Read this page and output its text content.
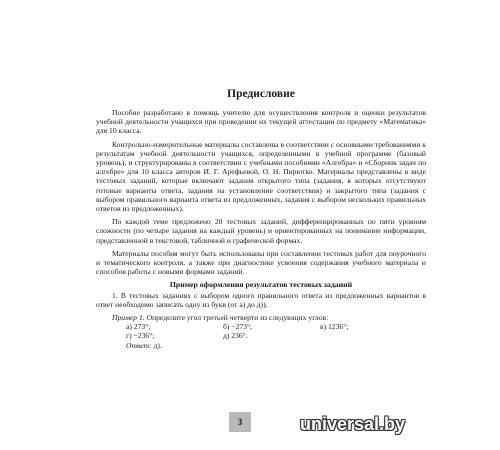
Предисловие

Пособие разработано в помощь учителю для осуществления контроля и оценки результатов учебной деятельности учащихся при проведении их текущей аттестации по предмету «Математика» для 10 класса.

Контрольно-измерительные материалы составлены в соответствии с основными требованиями к результатам учебной деятельности учащихся, определенными в учебной программе (базовый уровень), и структурированы в соответствии с учебными пособиями «Алгебра» и «Сборник задач по алгебре» для 10 класса авторов И. Г. Арефьевой, О. Н. Пирютко. Материалы представлены в виде тестовых заданий, которые включают задания открытого типа (задания, в которых отсутствуют готовые варианты ответа, задания на установление соответствия) и закрытого типа (задания с выбором правильного варианта ответа из предложенных, задания с выбором нескольких правильных ответов из предложенных).

По каждой теме предложено 20 тестовых заданий, дифференцированных по пяти уровням сложности (по четыре задания на каждый уровень) и ориентированных на понимание информации, представленной в текстовой, табличной и графической формах.

Материалы пособия могут быть использованы при составлении тестовых работ для поурочного и тематического контроля, а также при диагностике усвоения содержания учебного материала и способов работы с новыми формами заданий.

Пример оформления результатов тестовых заданий

1. В тестовых заданиях с выбором одного правильного ответа из предложенных вариантов в ответ необходимо записать одну из букв (от а) до д)).

Пример 1. Определите угол третьей четверти из следующих углов:
а) 273°;	б) −273°;	в) 1236°;
г) −236°;	д) 236°.
Ответ: д).
3	universal.by
